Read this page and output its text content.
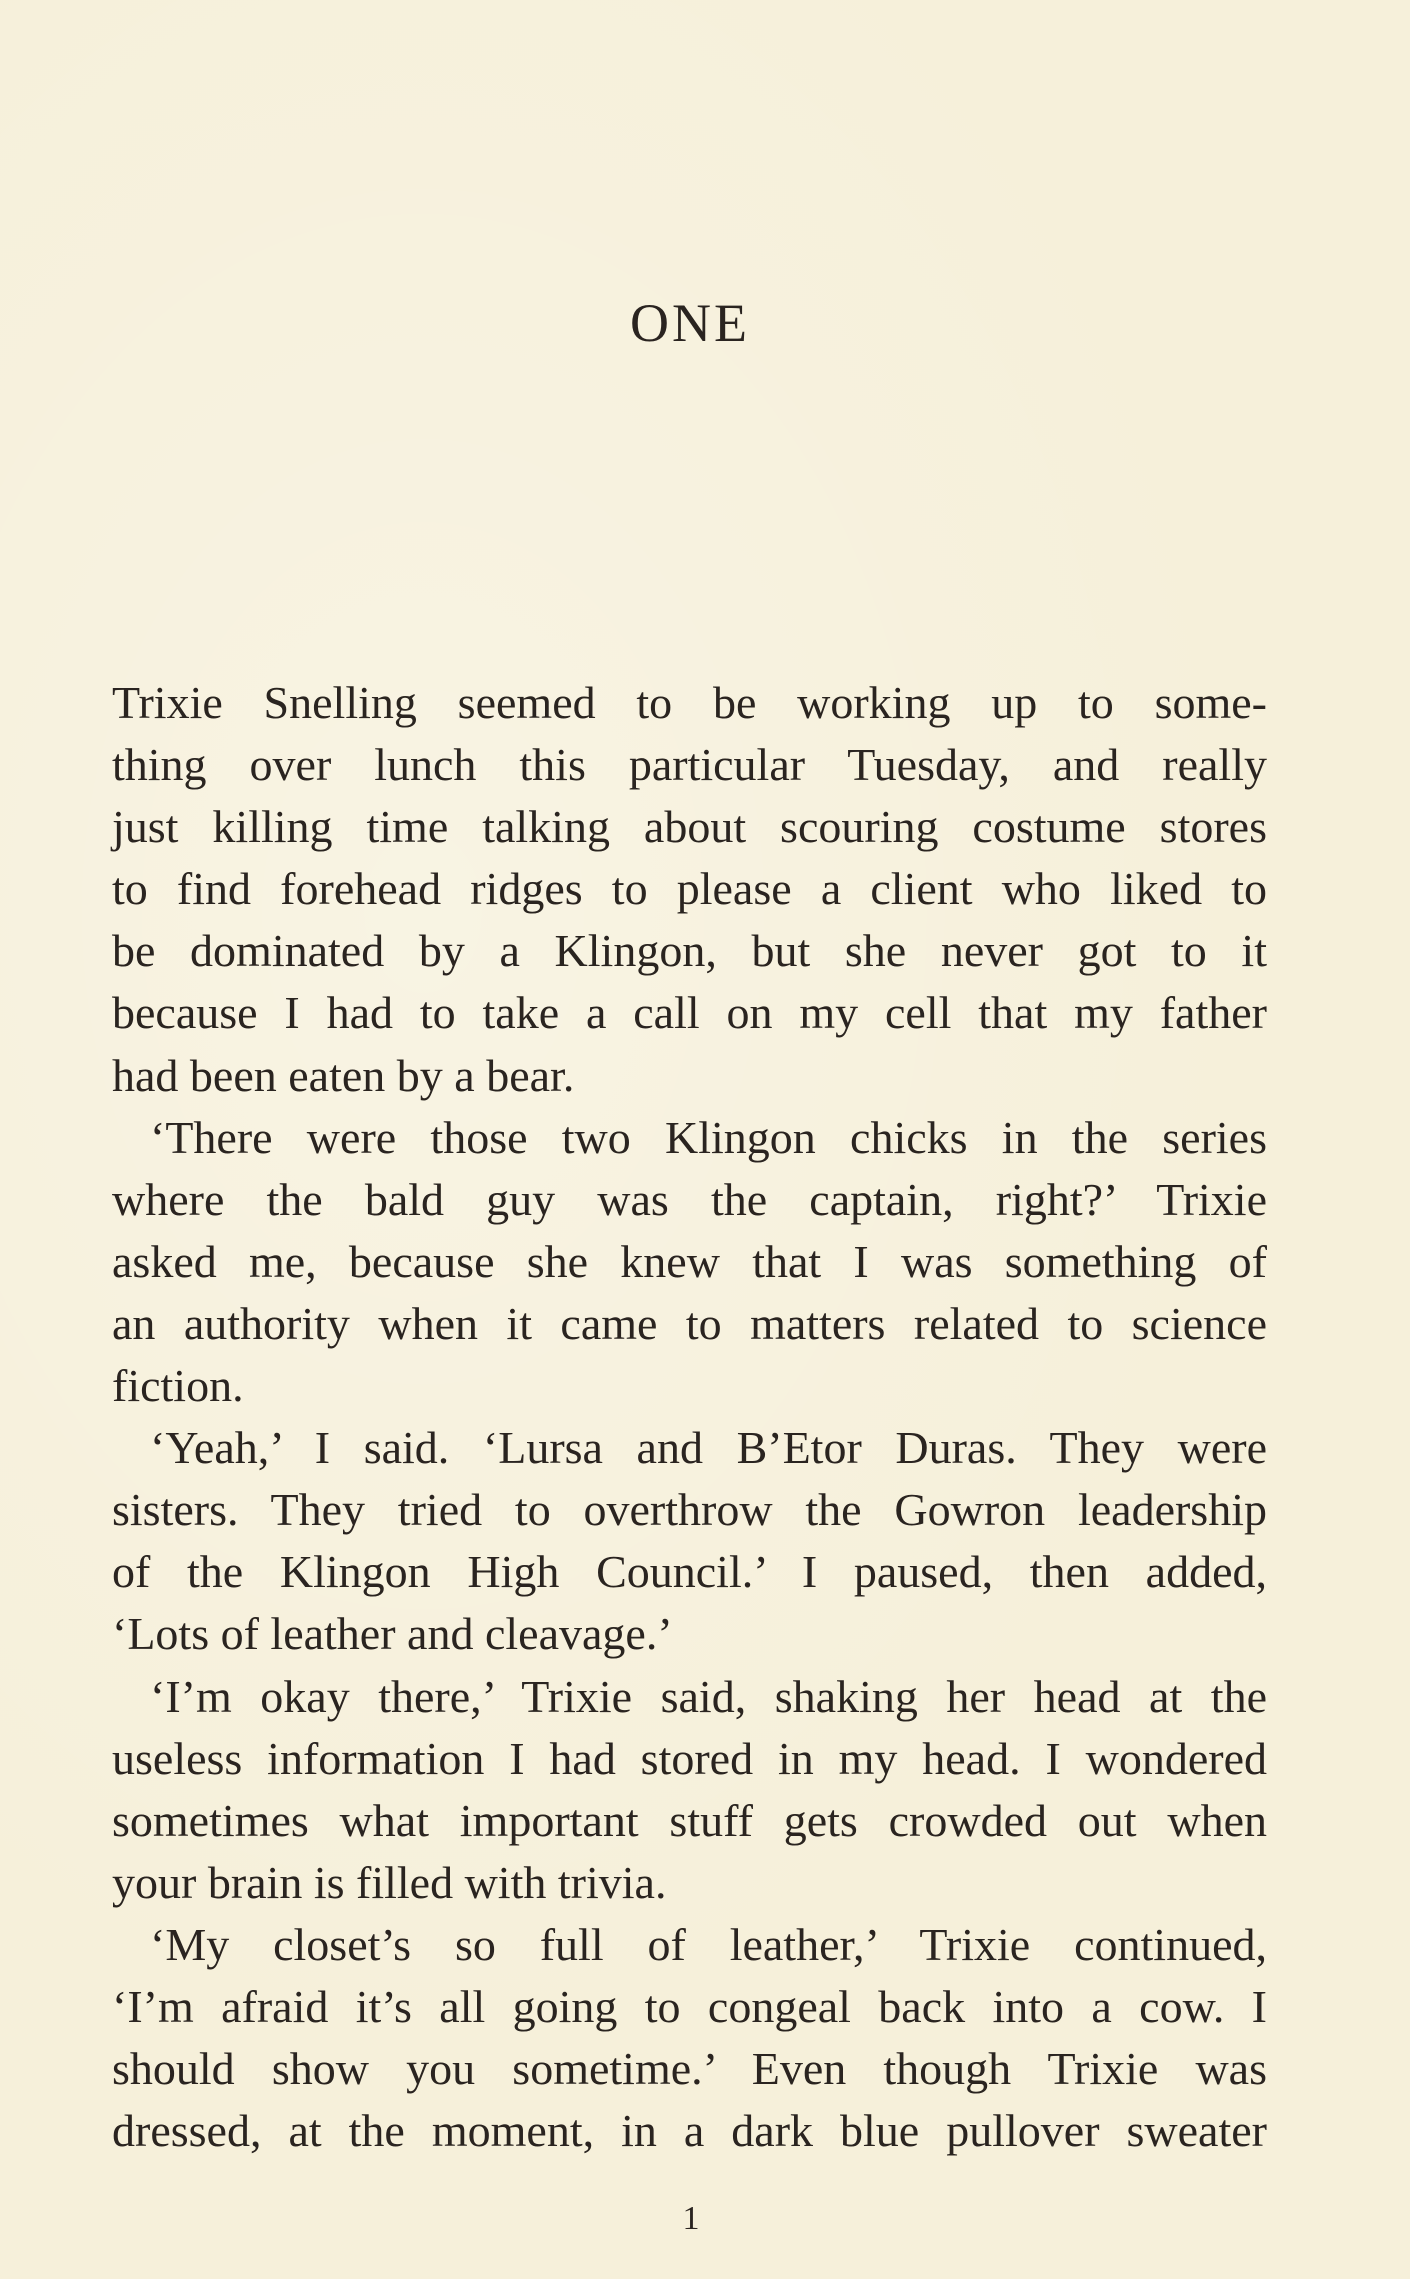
ONE

Trixie Snelling seemed to be working up to some-
thing over lunch this particular Tuesday, and really
just killing time talking about scouring costume stores
to find forehead ridges to please a client who liked to
be dominated by a Klingon, but she never got to it
because I had to take a call on my cell that my father
had been eaten by a bear.

‘There were those two Klingon chicks in the series
where the bald guy was the captain, right?’ Trixie
asked me, because she knew that I was something of
an authority when it came to matters related to science
fiction.

‘Yeah,’ I said. ‘Lursa and B’Etor Duras. They were
sisters. They tried to overthrow the Gowron leadership
of the Klingon High Council.’ I paused, then added,
‘Lots of leather and cleavage.’

‘I’m okay there,’ Trixie said, shaking her head at the
useless information I had stored in my head. I wondered
sometimes what important stuff gets crowded out when
your brain is filled with trivia.

‘My closet’s so full of leather,’ Trixie continued,
‘I’m afraid it’s all going to congeal back into a cow. I
should show you sometime.’ Even though Trixie was
dressed, at the moment, in a dark blue pullover sweater

1
